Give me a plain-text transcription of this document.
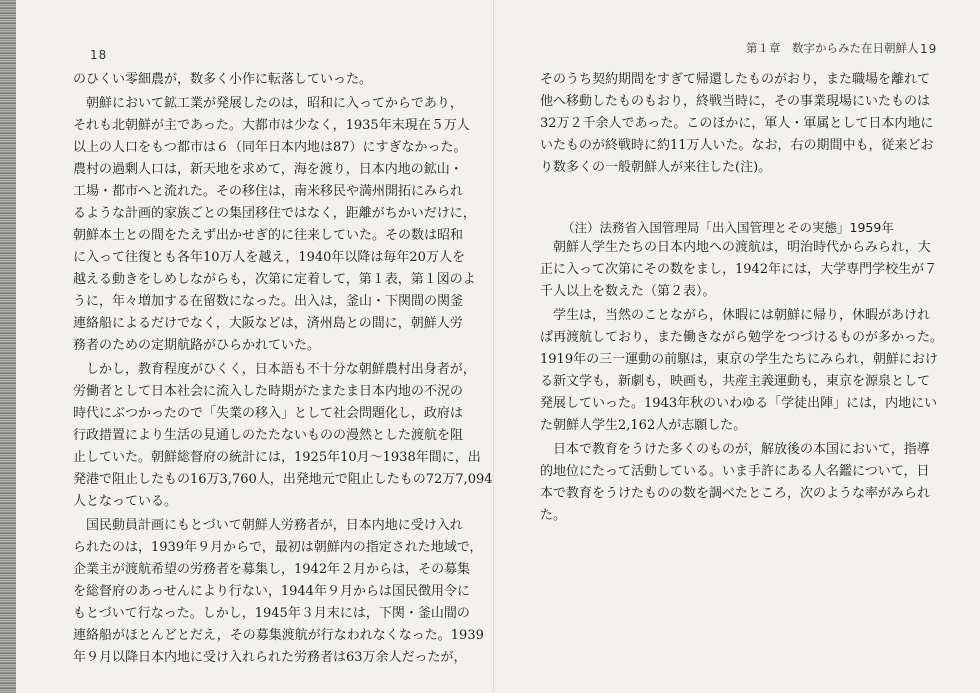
18

のひくい零細農が，数多く小作に転落していった。

　朝鮮において鉱工業が発展したのは，昭和に入ってからであり，

それも北朝鮮が主であった。大都市は少なく，1935年末現在５万人

以上の人口をもつ都市は６（同年日本内地は87）にすぎなかった。

農村の過剰人口は，新天地を求めて，海を渡り，日本内地の鉱山・

工場・都市へと流れた。その移住は，南米移民や満州開拓にみられ

るような計画的家族ごとの集団移住ではなく，距離がちかいだけに，

朝鮮本土との間をたえず出かせぎ的に往来していた。その数は昭和

に入って往復とも各年10万人を越え，1940年以降は毎年20万人を

越える動きをしめしながらも，次第に定着して，第１表，第１図のよ

うに，年々増加する在留数になった。出入は，釜山・下関間の関釜

連絡船によるだけでなく，大阪などは，済州島との間に，朝鮮人労

務者のための定期航路がひらかれていた。

　しかし，教育程度がひくく，日本語も不十分な朝鮮農村出身者が，

労働者として日本社会に流入した時期がたまたま日本内地の不況の

時代にぶつかったので「失業の移入」として社会問題化し，政府は

行政措置により生活の見通しのたたないものの漫然とした渡航を阻

止していた。朝鮮総督府の統計には，1925年10月～1938年間に，出

発港で阻止したもの16万3,760人，出発地元で阻止したもの72万7,094

人となっている。

　国民動員計画にもとづいて朝鮮人労務者が，日本内地に受け入れ

られたのは，1939年９月からで，最初は朝鮮内の指定された地域で，

企業主が渡航希望の労務者を募集し，1942年２月からは，その募集

を総督府のあっせんにより行ない，1944年９月からは国民徴用令に

もとづいて行なった。しかし，1945年３月末には，下関・釜山間の

連絡船がほとんどとだえ，その募集渡航が行なわれなくなった。1939

年９月以降日本内地に受け入れられた労務者は63万余人だったが，

第１章　数字からみた在日朝鮮人 19

そのうち契約期間をすぎて帰還したものがおり，また職場を離れて

他へ移動したものもおり，終戦当時に，その事業現場にいたものは

32万２千余人であった。このほかに，軍人・軍属として日本内地に

いたものが終戦時に約11万人いた。なお，右の期間中も，従来どお

り数多くの一般朝鮮人が来往した(注)。

（注）法務省入国管理局「出入国管理とその実態」1959年

　朝鮮人学生たちの日本内地への渡航は，明治時代からみられ，大

正に入って次第にその数をまし，1942年には，大学専門学校生が７

千人以上を数えた（第２表）。

　学生は，当然のことながら，休暇には朝鮮に帰り，休暇があけれ

ば再渡航しており，また働きながら勉学をつづけるものが多かった。

1919年の三一運動の前駆は，東京の学生たちにみられ，朝鮮におけ

る新文学も，新劇も，映画も，共産主義運動も，東京を源泉として

発展していった。1943年秋のいわゆる「学徒出陣」には，内地にい

た朝鮮人学生2,162人が志願した。

　日本で教育をうけた多くのものが，解放後の本国において，指導

的地位にたって活動している。いま手許にある人名鑑について，日

本で教育をうけたものの数を調べたところ，次のような率がみられ

た。
